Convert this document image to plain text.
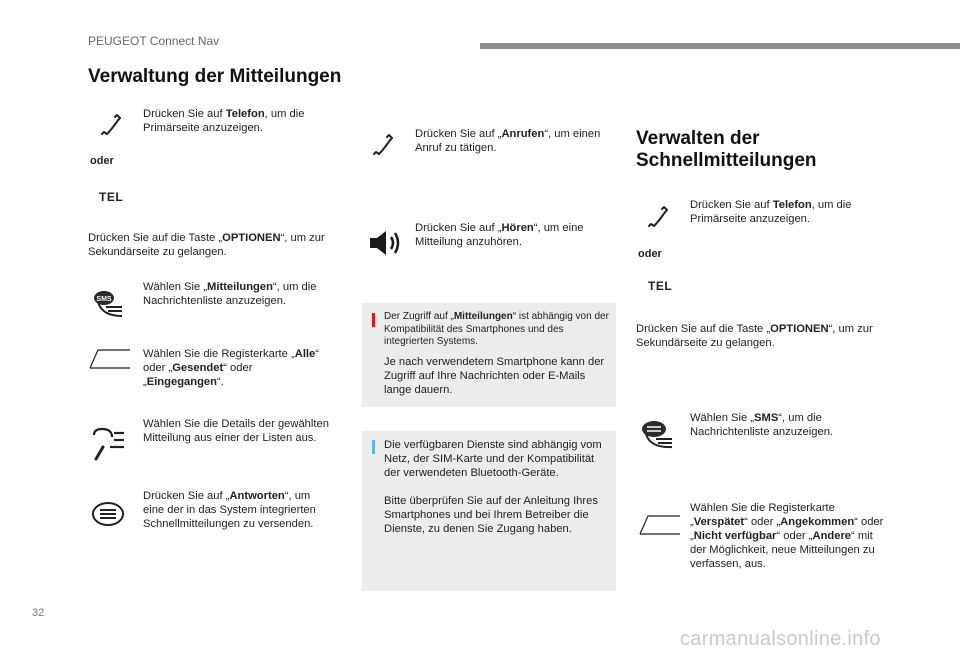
PEUGEOT Connect Nav
Verwaltung der Mitteilungen
Drücken Sie auf Telefon, um die Primärseite anzuzeigen.
oder
TEL
Drücken Sie auf die Taste „OPTIONEN“, um zur Sekundärseite zu gelangen.
SMS
Wählen Sie „Mitteilungen“, um die Nachrichtenliste anzuzeigen.
Wählen Sie die Registerkarte „Alle“ oder „Gesendet“ oder „Eingegangen“.
Wählen Sie die Details der gewählten Mitteilung aus einer der Listen aus.
Drücken Sie auf „Antworten“, um eine der in das System integrierten Schnellmitteilungen zu versenden.
Drücken Sie auf „Anrufen“, um einen Anruf zu tätigen.
Drücken Sie auf „Hören“, um eine Mitteilung anzuhören.
Der Zugriff auf „Mitteilungen“ ist abhängig von der Kompatibilität des Smartphones und des integrierten Systems.
Je nach verwendetem Smartphone kann der Zugriff auf Ihre Nachrichten oder E-Mails lange dauern.
Die verfügbaren Dienste sind abhängig vom Netz, der SIM-Karte und der Kompatibilität der verwendeten Bluetooth-Geräte.
Bitte überprüfen Sie auf der Anleitung Ihres Smartphones und bei Ihrem Betreiber die Dienste, zu denen Sie Zugang haben.
Verwalten der
Schnellmitteilungen
Drücken Sie auf Telefon, um die Primärseite anzuzeigen.
oder
TEL
Drücken Sie auf die Taste „OPTIONEN“, um zur Sekundärseite zu gelangen.
Wählen Sie „SMS“, um die Nachrichtenliste anzuzeigen.
Wählen Sie die Registerkarte „Verspätet“ oder „Angekommen“ oder „Nicht verfügbar“ oder „Andere“ mit der Möglichkeit, neue Mitteilungen zu verfassen, aus.
32
carmanualsonline.info
